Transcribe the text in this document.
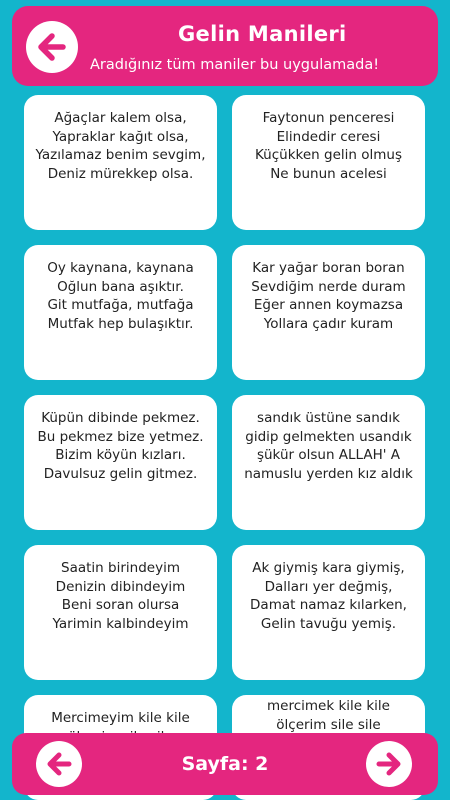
Gelin Manileri
Aradığınız tüm maniler bu uygulamada!
Ağaçlar kalem olsa,
Yapraklar kağıt olsa,
Yazılamaz benim sevgim,
Deniz mürekkep olsa.
Faytonun penceresi
Elindedir ceresi
Küçükken gelin olmuş
Ne bunun acelesi
Oy kaynana, kaynana
Oğlun bana aşıktır.
Git mutfağa, mutfağa
Mutfak hep bulaşıktır.
Kar yağar boran boran
Sevdiğim nerde duram
Eğer annen koymazsa
Yollara çadır kuram
Küpün dibinde pekmez.
Bu pekmez bize yetmez.
Bizim köyün kızları.
Davulsuz gelin gitmez.
sandık üstüne sandık
gidip gelmekten usandık
şükür olsun ALLAH' A
namuslu yerden kız aldık
Saatin birindeyim
Denizin dibindeyim
Beni soran olursa
Yarimin kalbindeyim
Ak giymiş kara giymiş,
Dalları yer değmiş,
Damat namaz kılarken,
Gelin tavuğu yemiş.
Mercimeyim kile kile
mercimek kile kile
ölçerim sile sile
Sayfa: 2
